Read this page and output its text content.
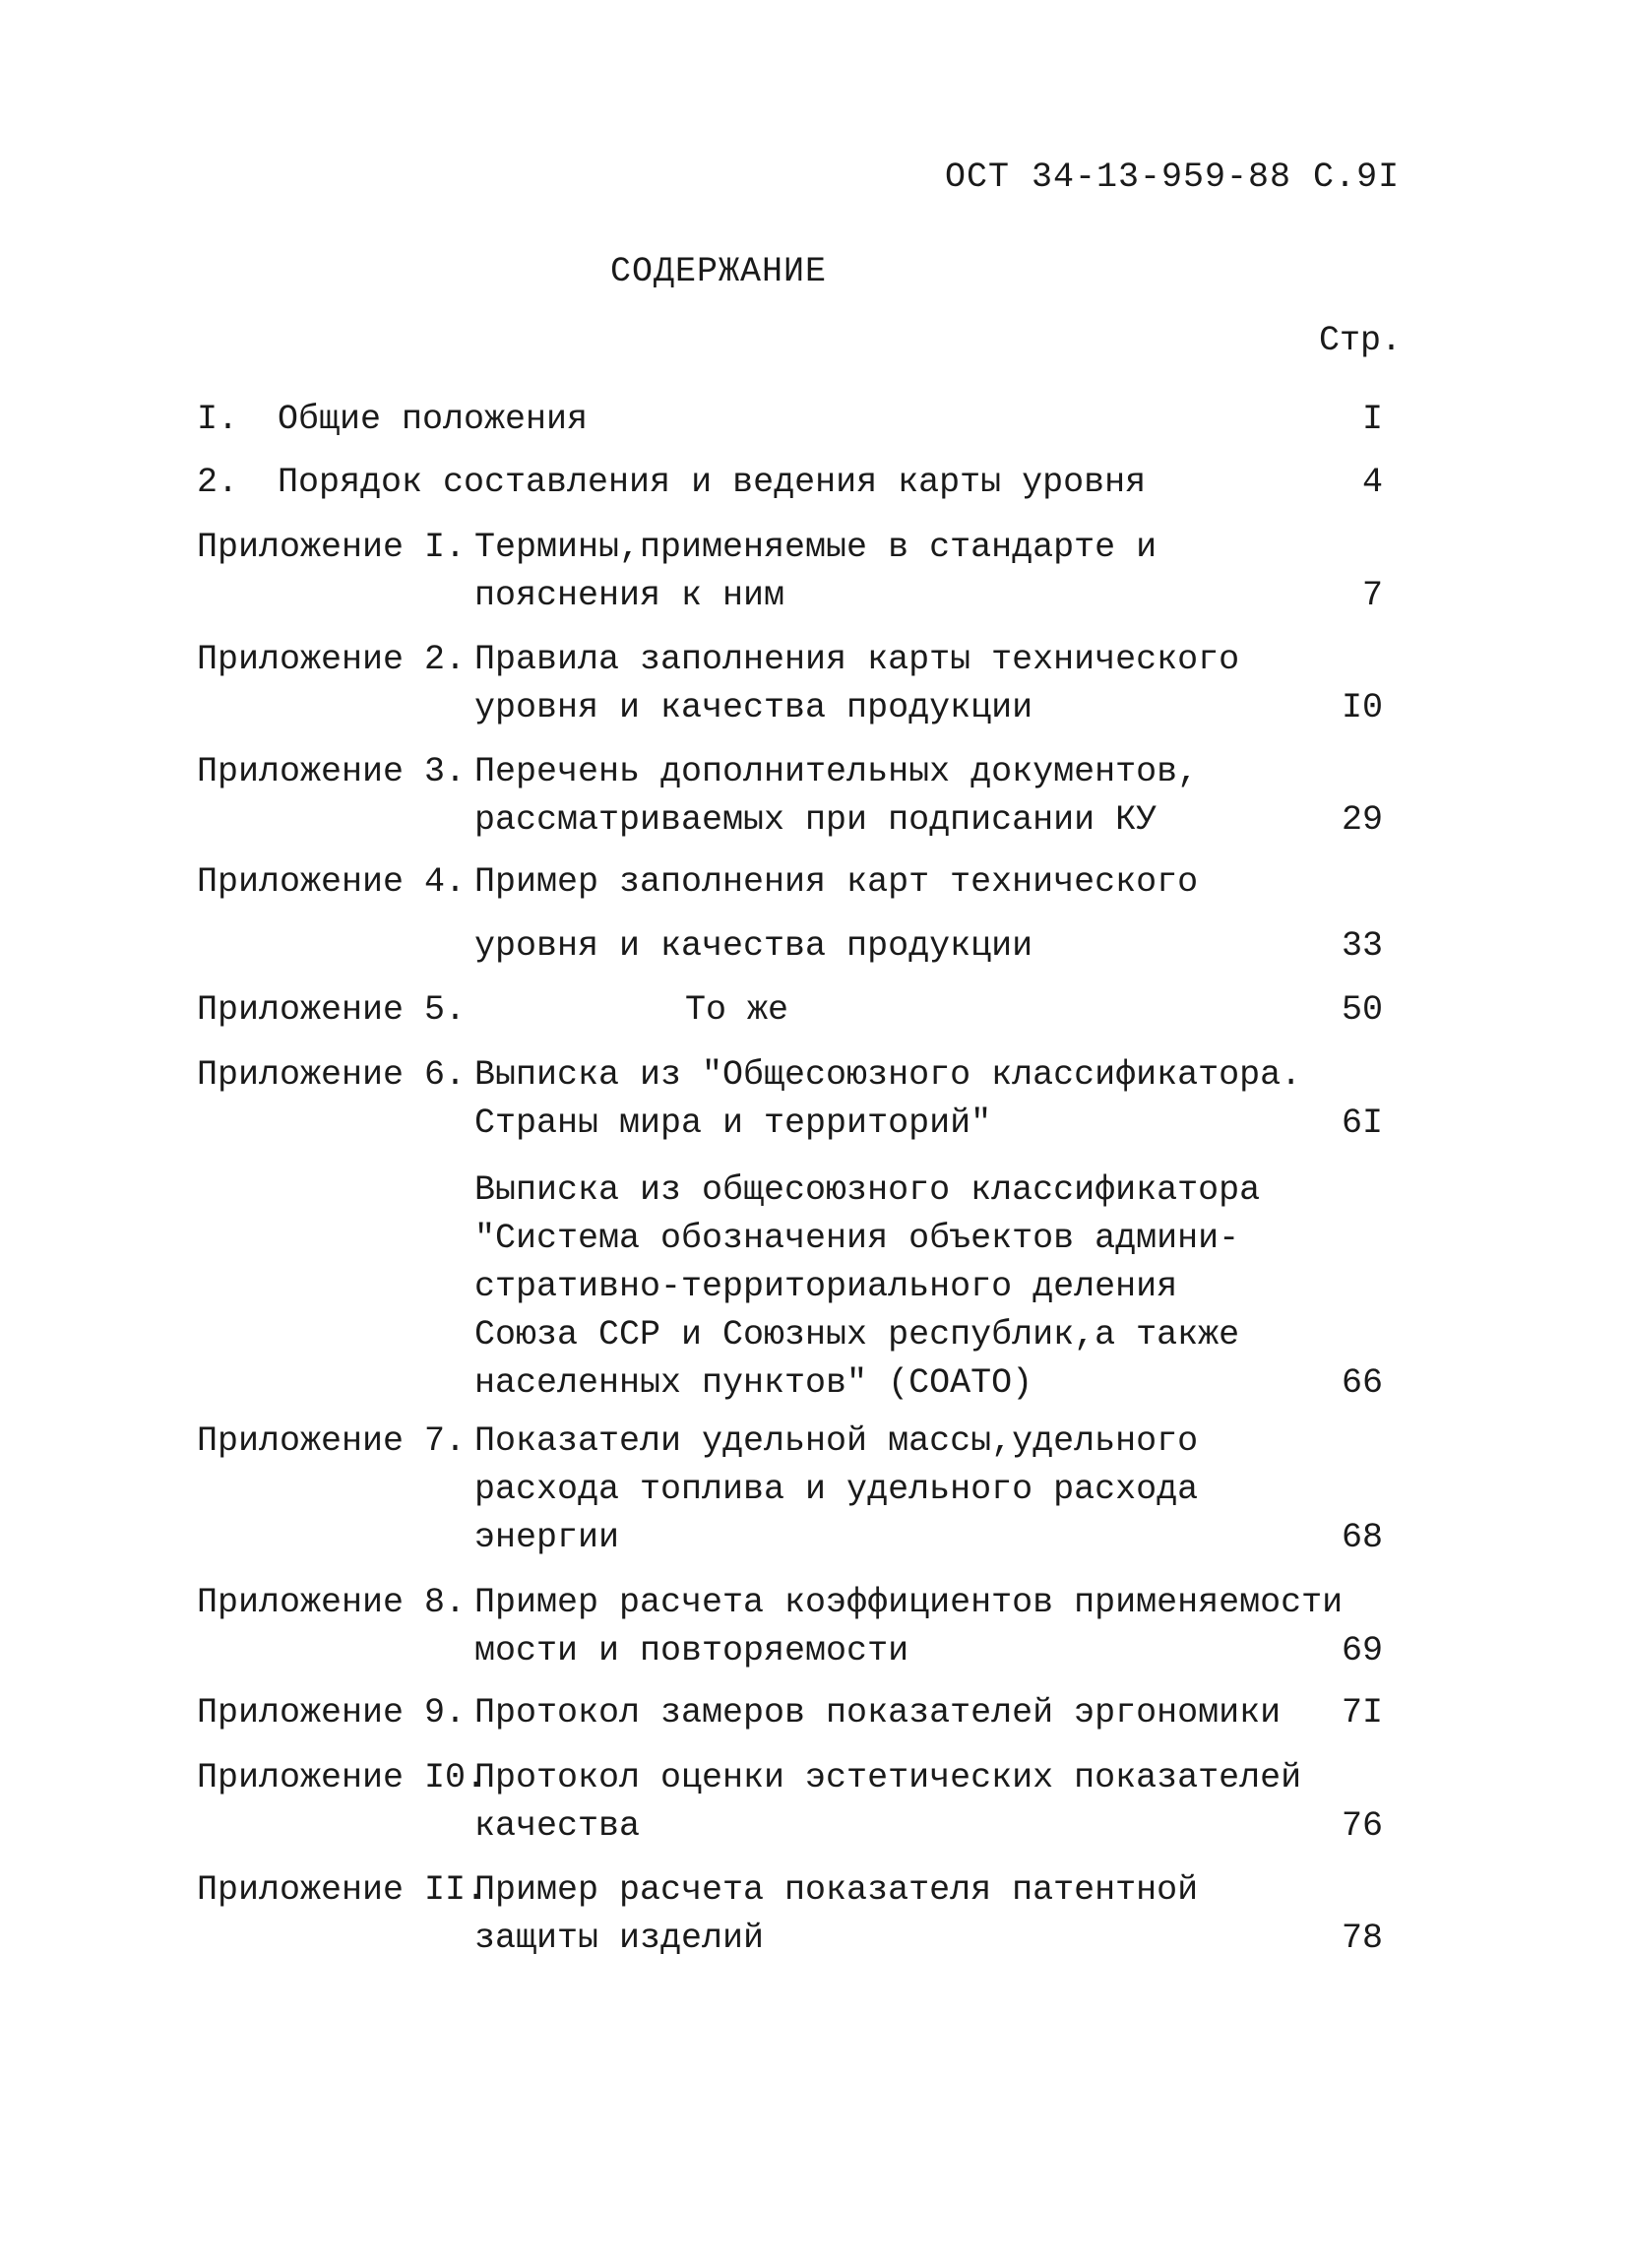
ОСТ 34-13-959-88 С.9I
СОДЕРЖАНИЕ
Стр.
I. Общие положения	I
2. Порядок составления и ведения карты уровня	4
Приложение I. Термины,применяемые в стандарте и
пояснения к ним	7
Приложение 2. Правила заполнения карты технического
уровня и качества продукции	I0
Приложение 3. Перечень дополнительных документов,
рассматриваемых при подписании КУ	29
Приложение 4. Пример заполнения карт технического
уровня и качества продукции	33
Приложение 5.	То же	50
Приложение 6. Выписка из "Общесоюзного классификатора.
Страны мира и территорий"	6I
Выписка из общесоюзного классификатора
"Система обозначения объектов админи-
стративно-территориального деления
Союза ССР и Союзных республик,а также
населенных пунктов" (СОАТО)	66
Приложение 7. Показатели удельной массы,удельного
расхода топлива и удельного расхода
энергии	68
Приложение 8. Пример расчета коэффициентов применяемости
мости и повторяемости	69
Приложение 9. Протокол замеров показателей эргономики 7I
Приложение I0.
Протокол оценки эстетических показателей
качества	76
Приложение II.
Пример расчета показателя патентной
защиты изделий	78
